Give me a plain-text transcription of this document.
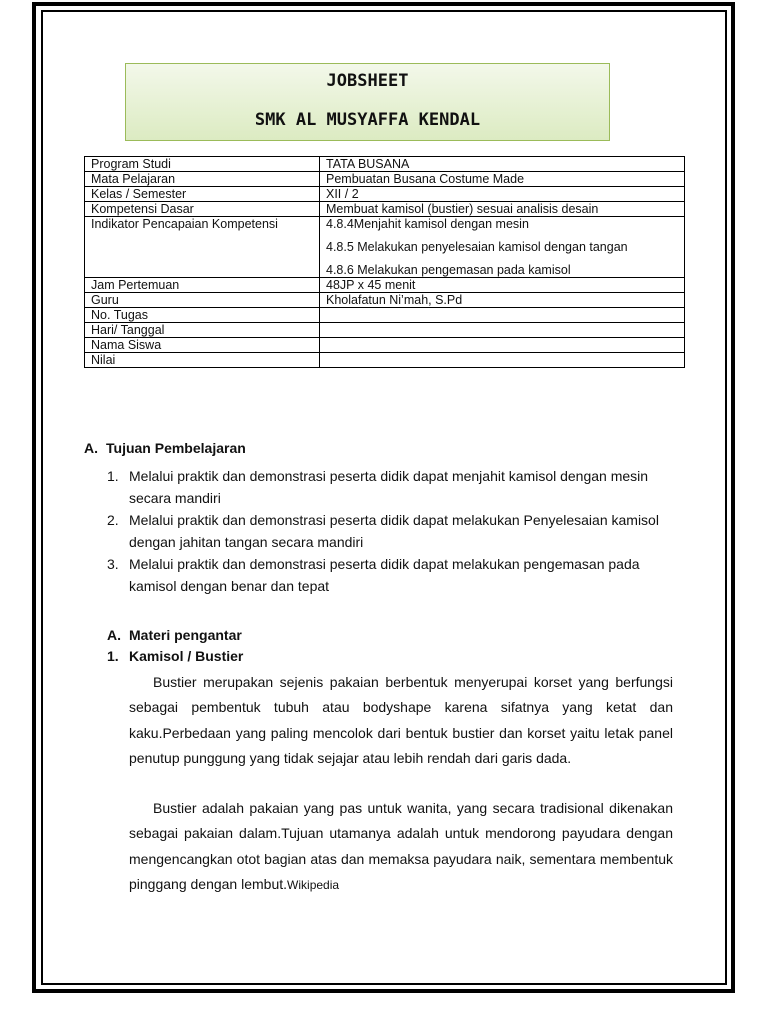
JOBSHEET
SMK AL MUSYAFFA KENDAL
Program Studi	TATA BUSANA
Mata Pelajaran	Pembuatan Busana Costume Made
Kelas / Semester	XII / 2
Kompetensi Dasar	Membuat kamisol (bustier) sesuai analisis desain
Indikator Pencapaian Kompetensi	4.8.4Menjahit kamisol dengan mesin
4.8.5 Melakukan penyelesaian kamisol dengan tangan
4.8.6 Melakukan pengemasan pada kamisol

Jam Pertemuan	48JP x 45 menit
Guru	Kholafatun Ni’mah, S.Pd
No. Tugas	
Hari/ Tanggal	
Nama Siswa	
Nilai	
A. Tujuan Pembelajaran
1. Melalui praktik dan demonstrasi peserta didik dapat menjahit kamisol dengan mesin secara mandiri
2. Melalui praktik dan demonstrasi peserta didik dapat melakukan Penyelesaian kamisol dengan jahitan tangan secara mandiri
3. Melalui praktik dan demonstrasi peserta didik dapat melakukan pengemasan pada kamisol dengan benar dan tepat
A. Materi pengantar
1. Kamisol / Bustier
Bustier merupakan sejenis pakaian berbentuk menyerupai korset yang berfungsi sebagai pembentuk tubuh atau bodyshape karena sifatnya yang ketat dan kaku.Perbedaan yang paling mencolok dari bentuk bustier dan korset yaitu letak panel penutup punggung yang tidak sejajar atau lebih rendah dari garis dada.
Bustier adalah pakaian yang pas untuk wanita, yang secara tradisional dikenakan sebagai pakaian dalam.Tujuan utamanya adalah untuk mendorong payudara dengan mengencangkan otot bagian atas dan memaksa payudara naik, sementara membentuk pinggang dengan lembut.Wikipedia
